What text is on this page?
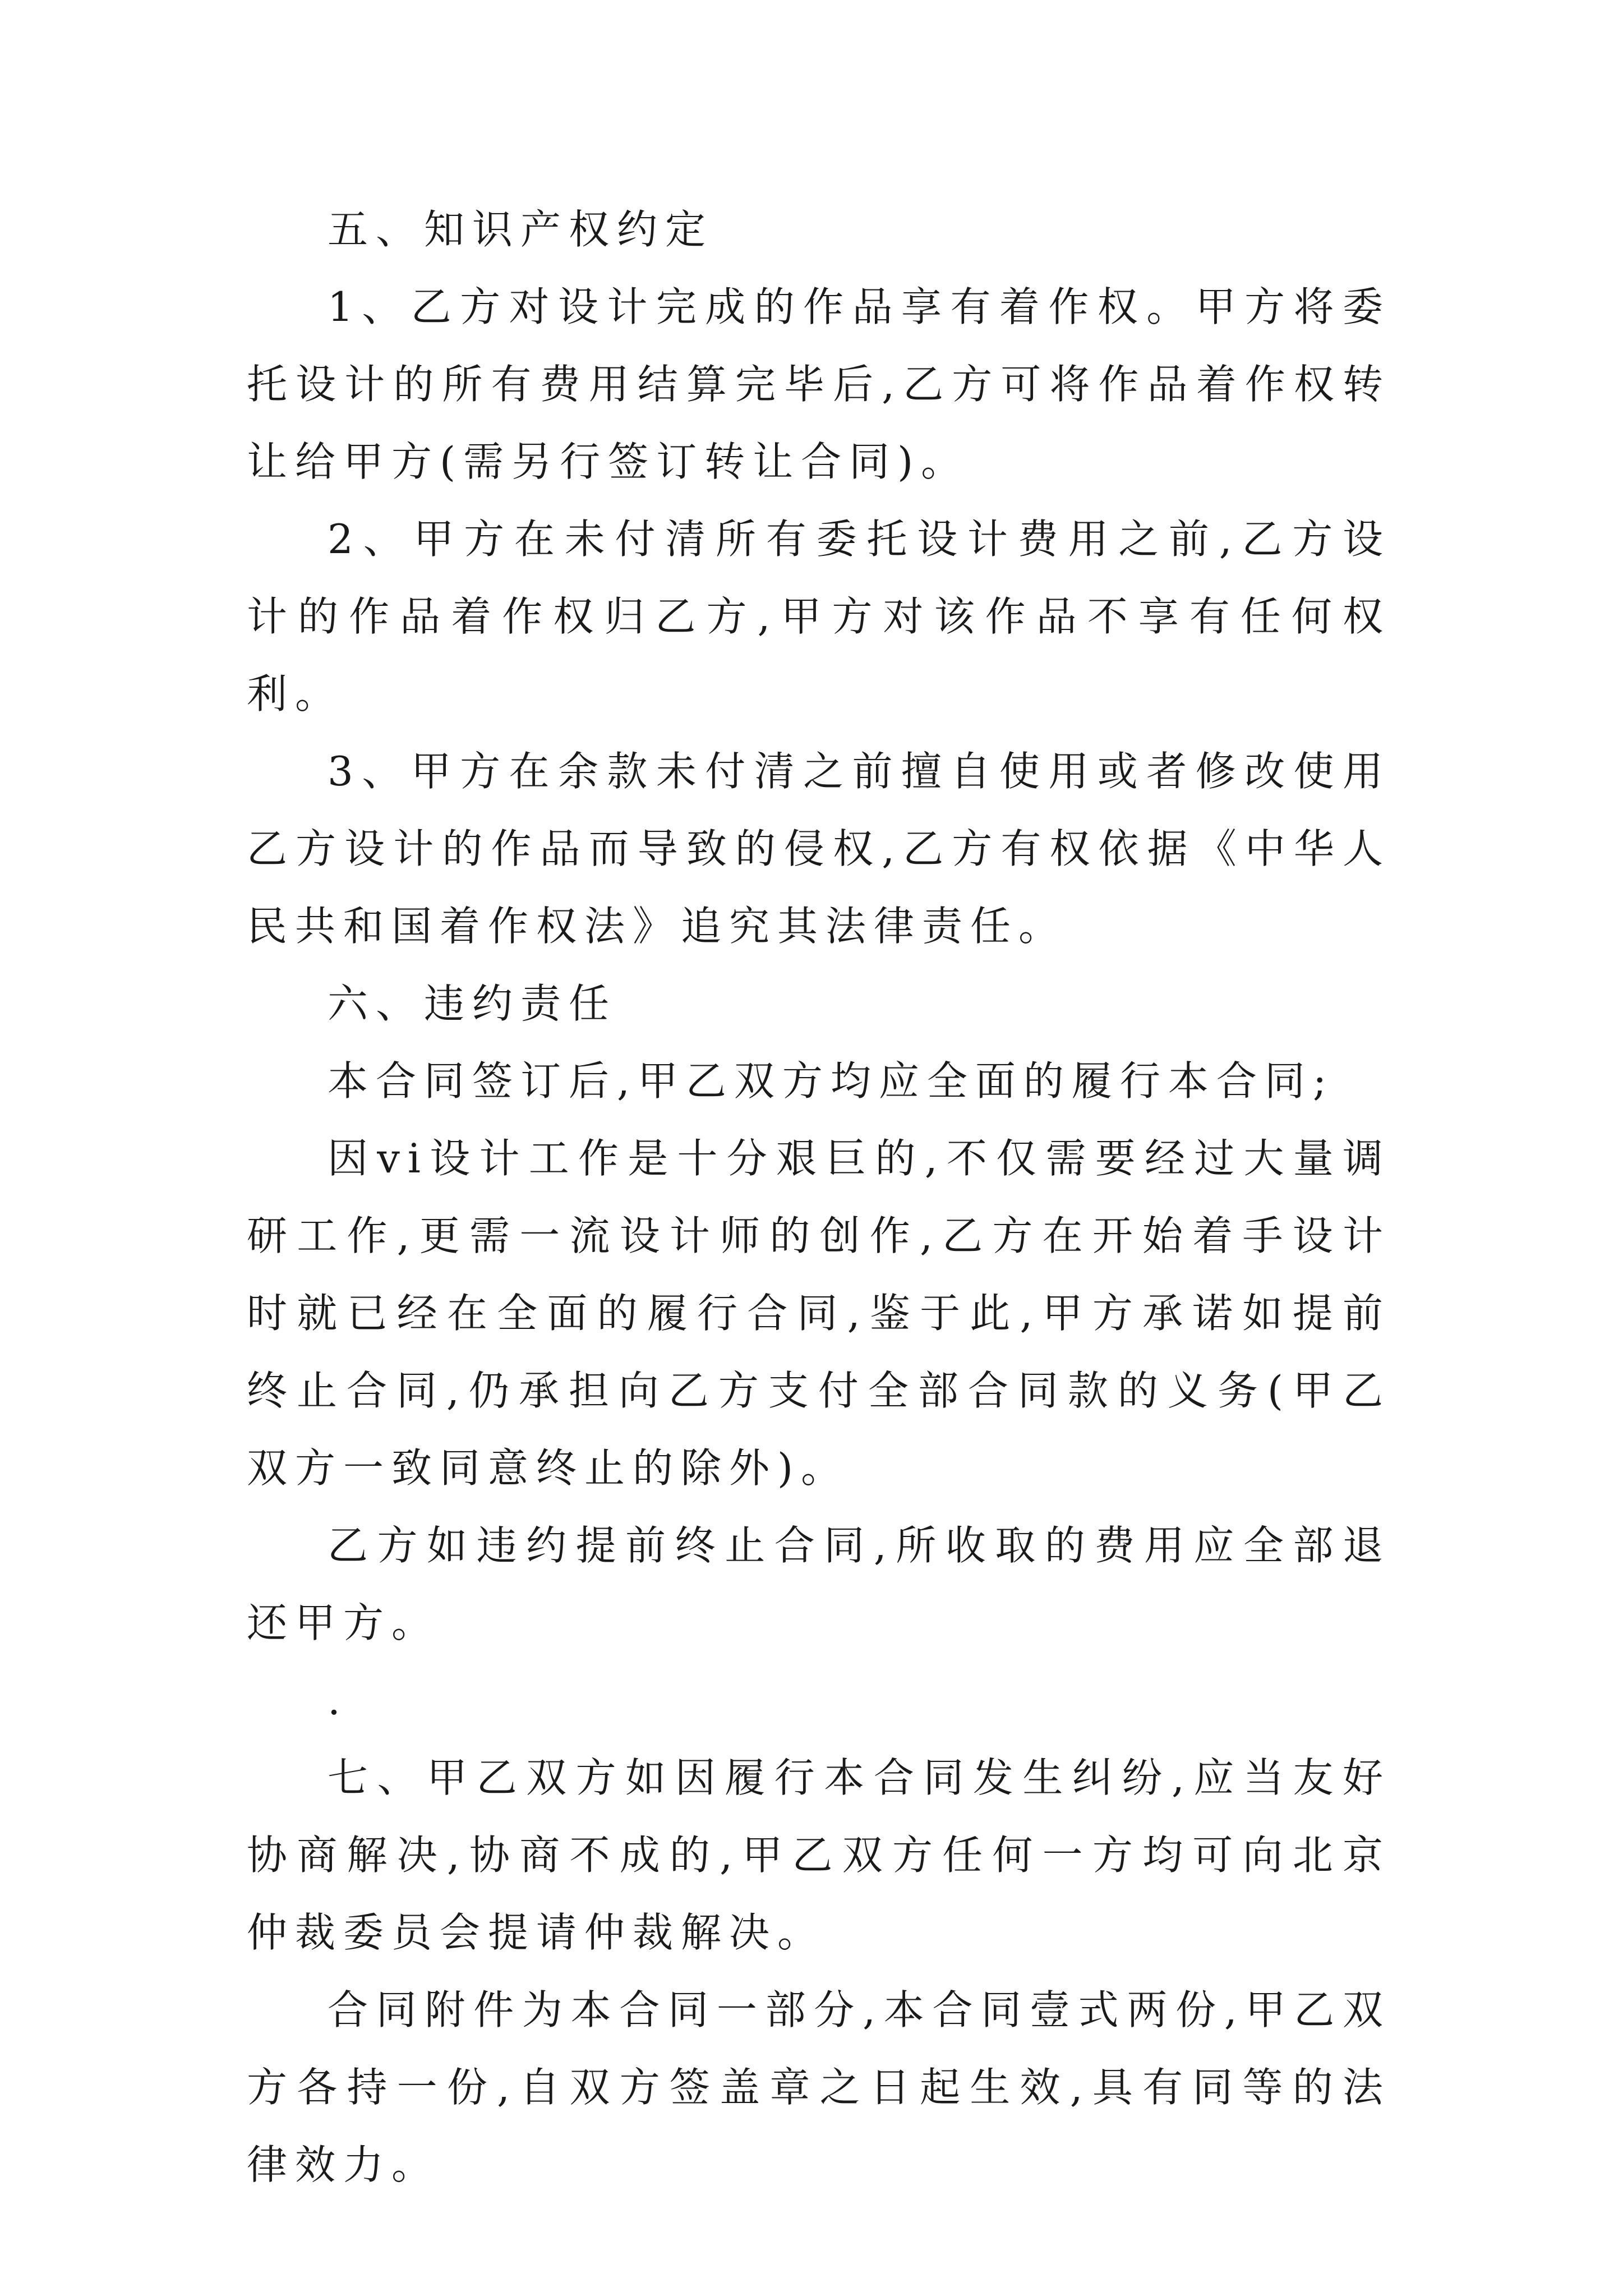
五、知识产权约定

1、乙方对设计完成的作品享有着作权。甲方将委托设计的所有费用结算完毕后,乙方可将作品着作权转让给甲方(需另行签订转让合同)。

2、甲方在未付清所有委托设计费用之前,乙方设计的作品着作权归乙方,甲方对该作品不享有任何权利。

3、甲方在余款未付清之前擅自使用或者修改使用乙方设计的作品而导致的侵权,乙方有权依据《中华人民共和国着作权法》追究其法律责任。

六、违约责任

本合同签订后,甲乙双方均应全面的履行本合同;

因vi设计工作是十分艰巨的,不仅需要经过大量调研工作,更需一流设计师的创作,乙方在开始着手设计时就已经在全面的履行合同,鉴于此,甲方承诺如提前终止合同,仍承担向乙方支付全部合同款的义务(甲乙双方一致同意终止的除外)。

乙方如违约提前终止合同,所收取的费用应全部退还甲方。

.

七、甲乙双方如因履行本合同发生纠纷,应当友好协商解决,协商不成的,甲乙双方任何一方均可向北京仲裁委员会提请仲裁解决。

合同附件为本合同一部分,本合同壹式两份,甲乙双方各持一份,自双方签盖章之日起生效,具有同等的法律效力。
